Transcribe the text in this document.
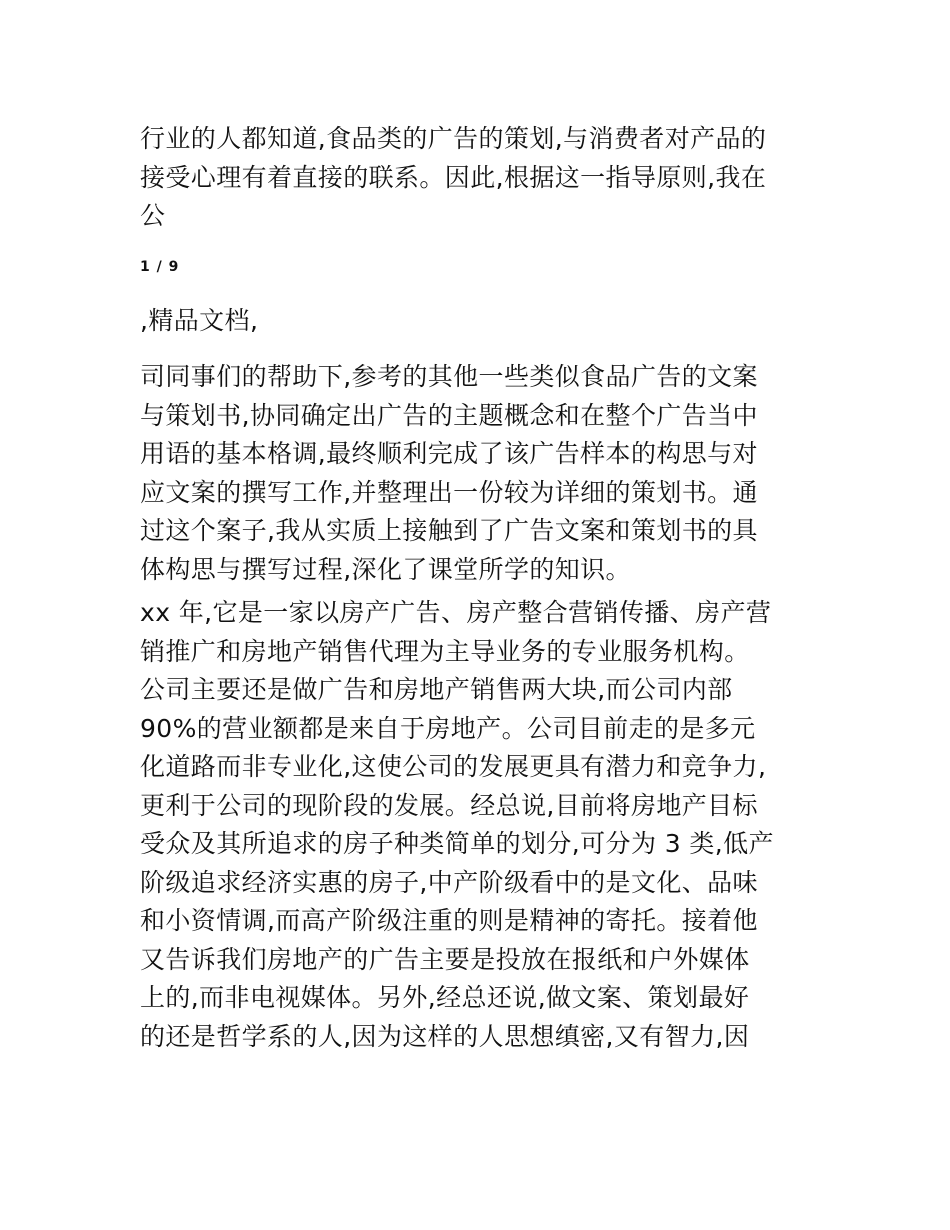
行业的人都知道,食品类的广告的策划,与消费者对产品的
接受心理有着直接的联系。因此,根据这一指导原则,我在
公
1 / 9
,精品文档,
司同事们的帮助下,参考的其他一些类似食品广告的文案
与策划书,协同确定出广告的主题概念和在整个广告当中
用语的基本格调,最终顺利完成了该广告样本的构思与对
应文案的撰写工作,并整理出一份较为详细的策划书。通
过这个案子,我从实质上接触到了广告文案和策划书的具
体构思与撰写过程,深化了课堂所学的知识。
xx 年,它是一家以房产广告、房产整合营销传播、房产营
销推广和房地产销售代理为主导业务的专业服务机构。
公司主要还是做广告和房地产销售两大块,而公司内部
90%的营业额都是来自于房地产。公司目前走的是多元
化道路而非专业化,这使公司的发展更具有潜力和竞争力,
更利于公司的现阶段的发展。经总说,目前将房地产目标
受众及其所追求的房子种类简单的划分,可分为 3 类,低产
阶级追求经济实惠的房子,中产阶级看中的是文化、品味
和小资情调,而高产阶级注重的则是精神的寄托。接着他
又告诉我们房地产的广告主要是投放在报纸和户外媒体
上的,而非电视媒体。另外,经总还说,做文案、策划最好
的还是哲学系的人,因为这样的人思想缜密,又有智力,因
